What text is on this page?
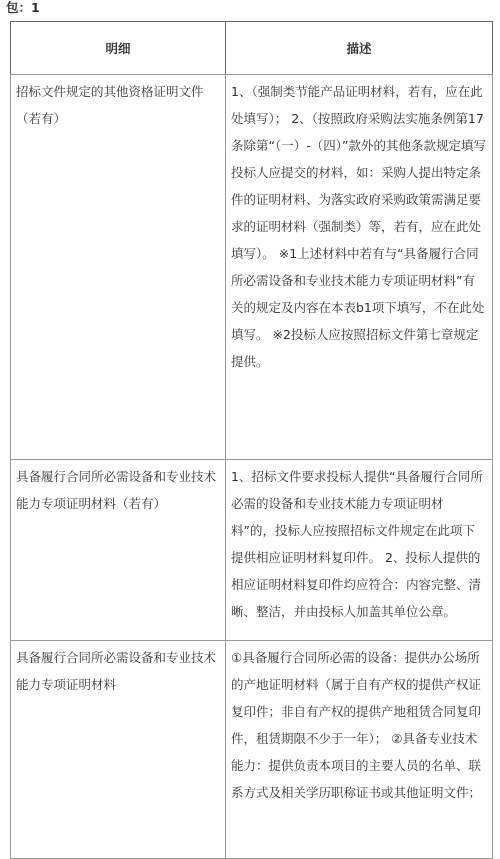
包：1
明细	描述
招标文件规定的其他资格证明文件（若有）	1、（强制类节能产品证明材料，若有，应在此处填写）； 2、（按照政府采购法实施条例第17条除第“（一）-（四）”款外的其他条款规定填写投标人应提交的材料，如：采购人提出特定条件的证明材料、为落实政府采购政策需满足要求的证明材料（强制类）等，若有，应在此处填写）。 ※1上述材料中若有与“具备履行合同所必需设备和专业技术能力专项证明材料”有关的规定及内容在本表b1项下填写，不在此处填写。 ※2投标人应按照招标文件第七章规定提供。
具备履行合同所必需设备和专业技术能力专项证明材料（若有）	1、招标文件要求投标人提供“具备履行合同所必需的设备和专业技术能力专项证明材料”的，投标人应按照招标文件规定在此项下提供相应证明材料复印件。 2、投标人提供的相应证明材料复印件均应符合：内容完整、清晰、整洁，并由投标人加盖其单位公章。
具备履行合同所必需设备和专业技术能力专项证明材料	①具备履行合同所必需的设备：提供办公场所的产地证明材料（属于自有产权的提供产权证复印件；非自有产权的提供产地租赁合同复印件，租赁期限不少于一年）； ②具备专业技术能力：提供负责本项目的主要人员的名单、联系方式及相关学历职称证书或其他证明文件；
